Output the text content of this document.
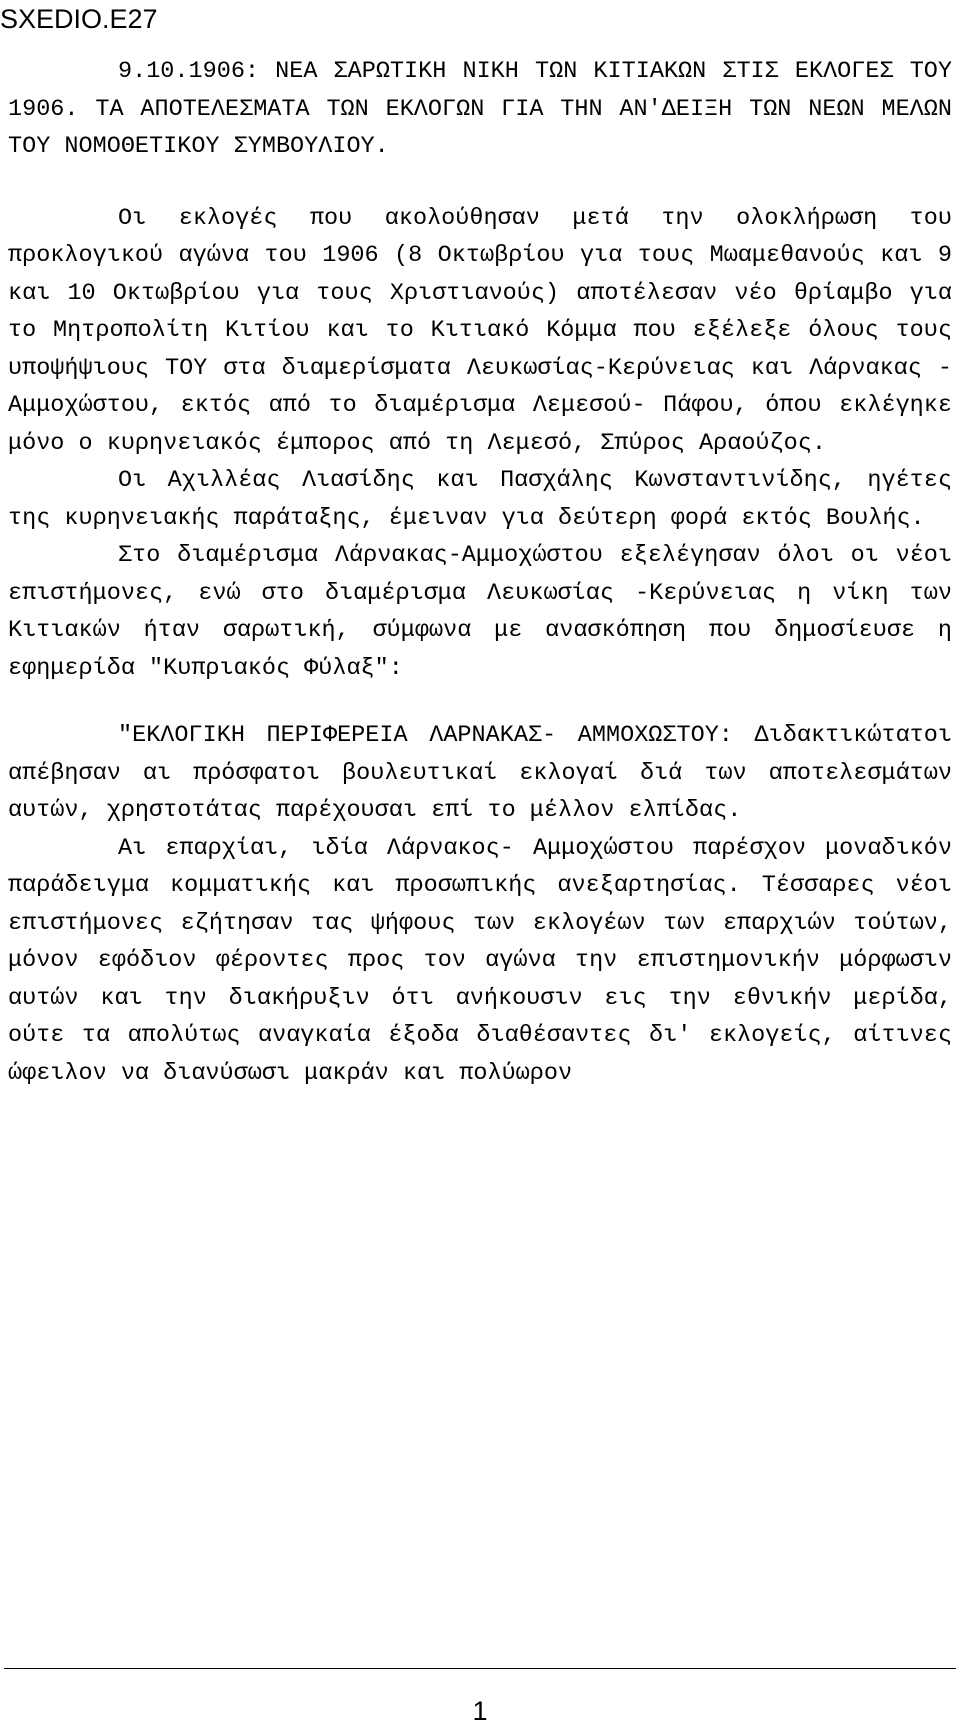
SXEDIO.E27

9.10.1906: ΝΕΑ ΣΑΡΩΤΙΚΗ ΝΙΚΗ ΤΩΝ ΚΙΤΙΑΚΩΝ ΣΤΙΣ ΕΚΛΟΓΕΣ ΤΟΥ 1906. ΤΑ ΑΠΟΤΕΛΕΣΜΑΤΑ ΤΩΝ ΕΚΛΟΓΩΝ ΓΙΑ ΤΗΝ ΑΝ'ΔΕΙΞΗ ΤΩΝ ΝΕΩΝ ΜΕΛΩΝ ΤΟΥ ΝΟΜΟΘΕΤΙΚΟΥ ΣΥΜΒΟΥΛΙΟΥ.

Οι εκλογές που ακολούθησαν μετά την ολοκλήρωση του προκλογικού αγώνα του 1906 (8 Οκτωβρίου για τους Μωαμεθανούς και 9 και 10 Οκτωβρίου για τους Χριστιανούς) αποτέλεσαν νέο θρίαμβο για το Μητροπολίτη Κιτίου και το Κιτιακό Κόμμα που εξέλεξε όλους τους υποψήψιους ΤΟΥ στα διαμερίσματα Λευκωσίας-Κερύνειας και Λάρνακας - Αμμοχώστου, εκτός από το διαμέρισμα Λεμεσού- Πάφου, όπου εκλέγηκε μόνο ο κυρηνειακός έμπορος από τη Λεμεσό, Σπύρος Αραούζος.

Οι Αχιλλέας Λιασίδης και Πασχάλης Κωνσταντινίδης, ηγέτες της κυρηνειακής παράταξης, έμειναν για δεύτερη φορά εκτός Βουλής.

Στο διαμέρισμα Λάρνακας-Αμμοχώστου εξελέγησαν όλοι οι νέοι επιστήμονες, ενώ στο διαμέρισμα Λευκωσίας -Κερύνειας η νίκη των Κιτιακών ήταν σαρωτική, σύμφωνα με ανασκόπηση που δημοσίευσε η εφημερίδα "Κυπριακός Φύλαξ":

"ΕΚΛΟΓΙΚΗ ΠΕΡΙΦΕΡΕΙΑ ΛΑΡΝΑΚΑΣ- ΑΜΜΟΧΩΣΤΟΥ: Διδακτικώτατοι απέβησαν αι πρόσφατοι βουλευτικαί εκλογαί διά των αποτελεσμάτων αυτών, χρηστοτάτας παρέχουσαι επί το μέλλον ελπίδας.

Αι επαρχίαι, ιδία Λάρνακος- Αμμοχώστου παρέσχον μοναδικόν παράδειγμα κομματικής και προσωπικής ανεξαρτησίας. Τέσσαρες νέοι επιστήμονες εζήτησαν τας ψήφους των εκλογέων των επαρχιών τούτων, μόνον εφόδιον φέροντες προς τον αγώνα την επιστημονικήν μόρφωσιν αυτών και την διακήρυξιν ότι ανήκουσιν εις την εθνικήν μερίδα, ούτε τα απολύτως αναγκαία έξοδα διαθέσαντες δι' εκλογείς, αίτινες ώφειλον να διανύσωσι μακράν και πολύωρον

1
